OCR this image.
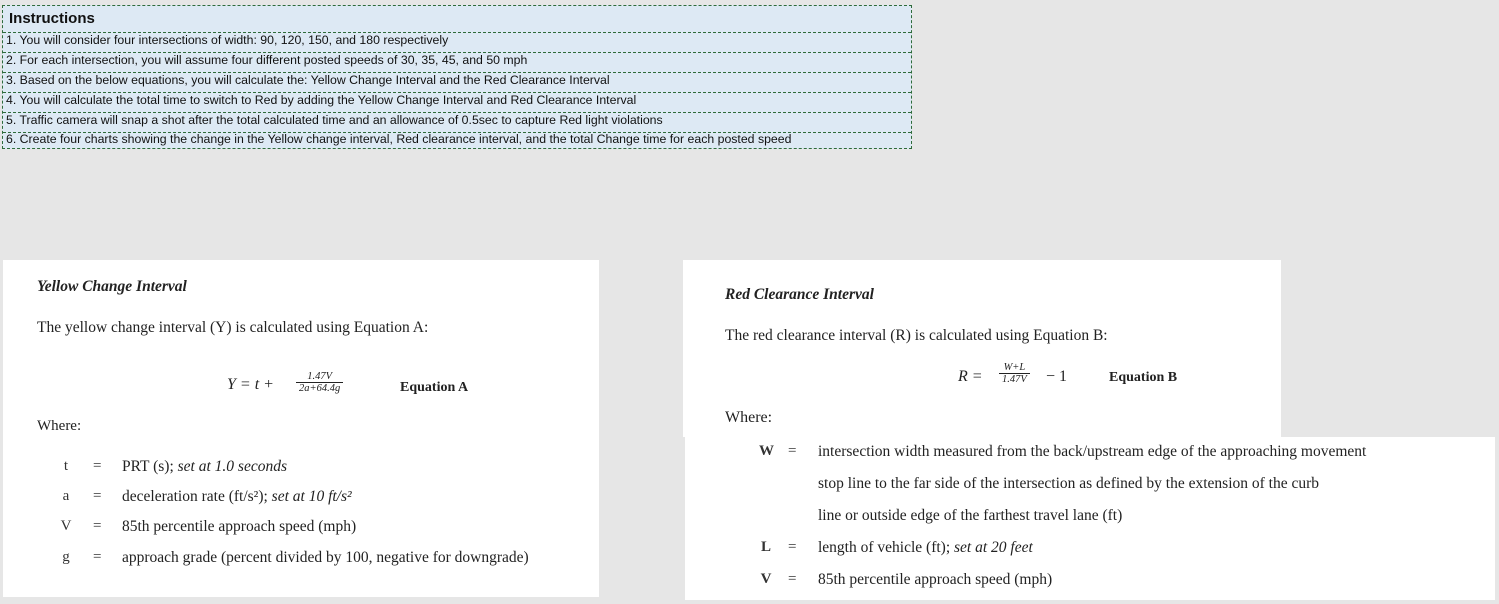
Instructions
1. You will consider four intersections of width: 90, 120, 150, and 180 respectively
2. For each intersection, you will assume four different posted speeds of 30, 35, 45, and 50 mph
3. Based on the below equations, you will calculate the: Yellow Change Interval and the Red Clearance Interval
4. You will calculate the total time to switch to Red by adding the Yellow Change Interval and Red Clearance Interval
5. Traffic camera will snap a shot after the total calculated time and an allowance of 0.5sec to capture Red light violations
6. Create four charts showing the change in the Yellow change interval, Red clearance interval, and the total Change time for each posted speed
Yellow Change Interval
The yellow change interval (Y) is calculated using Equation A:
$Y = t + \frac{1.47V}{2a+64.4g}$	Equation A
Where:
t	= PRT (s); set at 1.0 seconds
a = deceleration rate (ft/s²); set at 10 ft/s²
V = 85th percentile approach speed (mph)
g = approach grade (percent divided by 100, negative for downgrade)
Red Clearance Interval
The red clearance interval (R) is calculated using Equation B:
$R = \frac{W+L}{1.47V} - 1$	Equation B
Where:
W = intersection width measured from the back/upstream edge of the approaching movement
stop line to the far side of the intersection as defined by the extension of the curb
line or outside edge of the farthest travel lane (ft)
L = length of vehicle (ft); set at 20 feet
V = 85th percentile approach speed (mph)
